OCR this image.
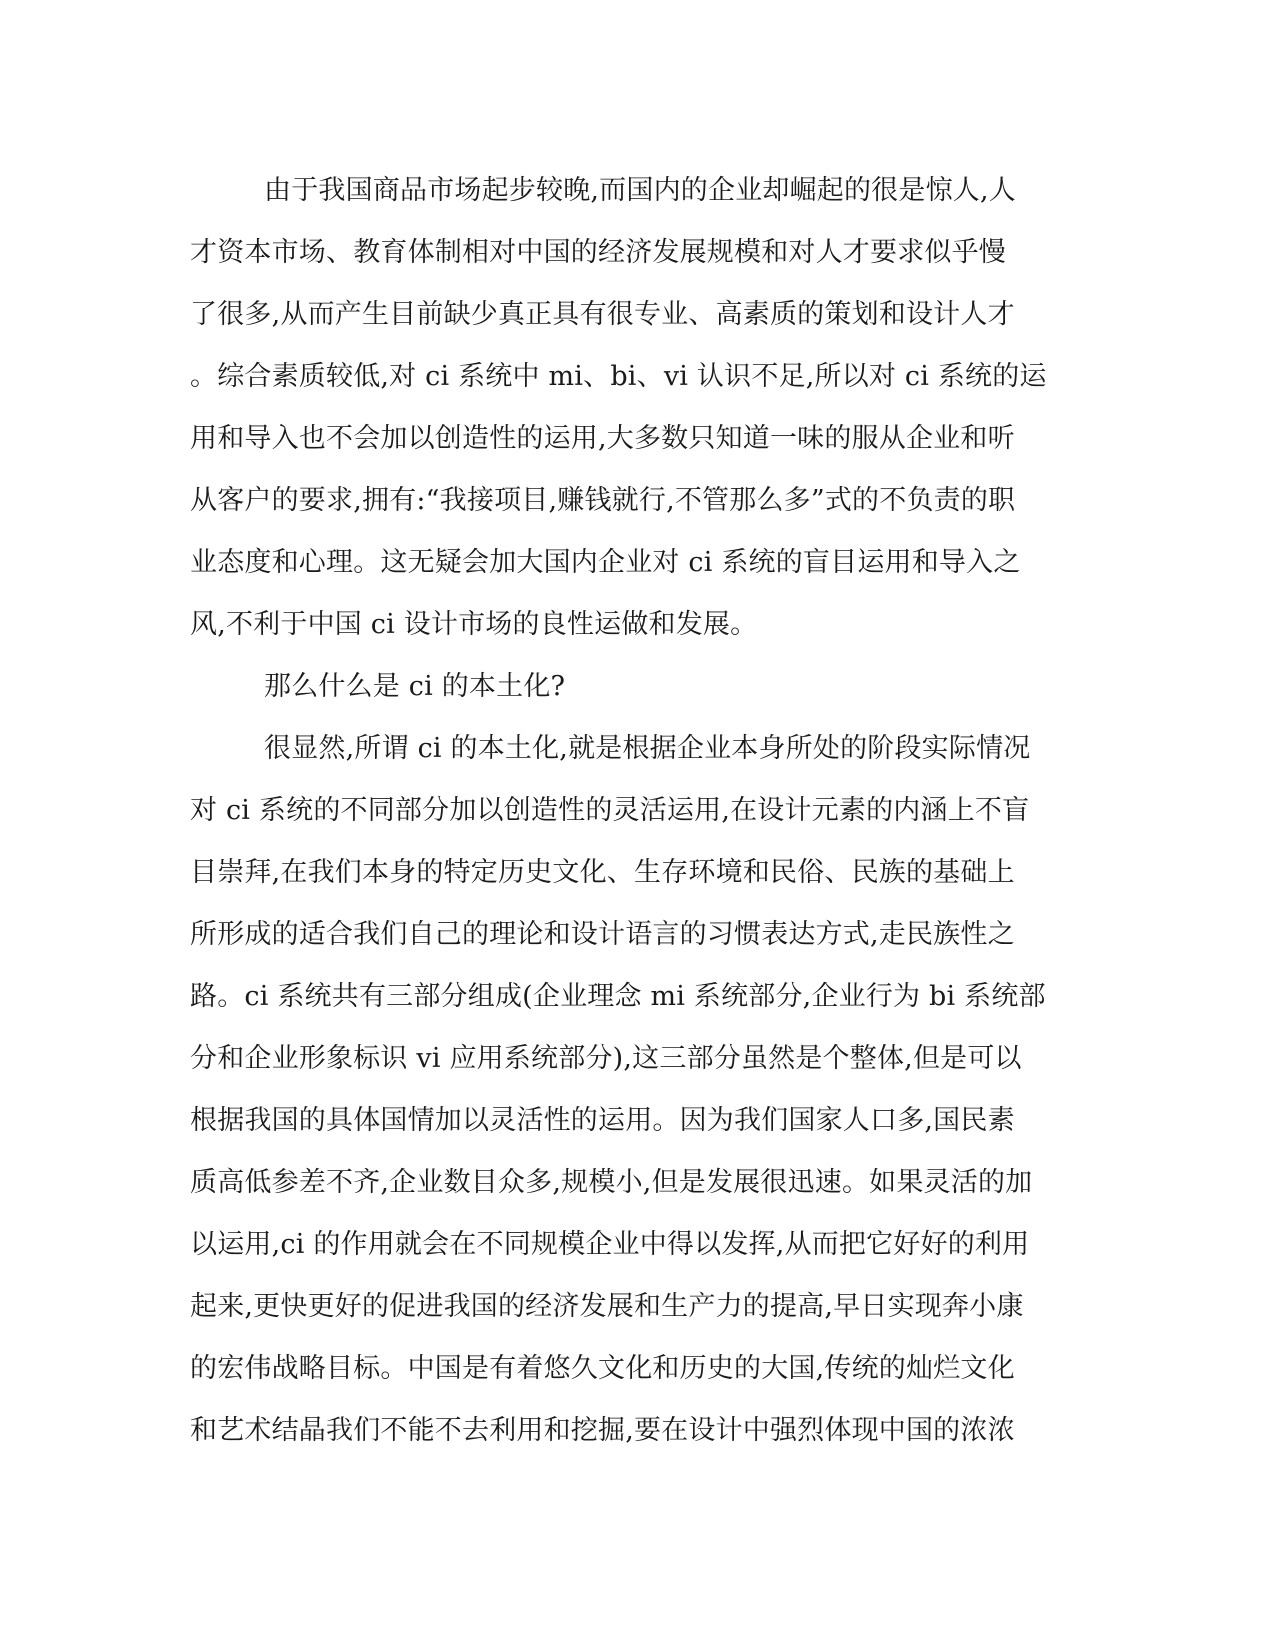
由于我国商品市场起步较晚,而国内的企业却崛起的很是惊人,人
才资本市场、教育体制相对中国的经济发展规模和对人才要求似乎慢
了很多,从而产生目前缺少真正具有很专业、高素质的策划和设计人才
。综合素质较低,对 ci 系统中 mi、bi、vi 认识不足,所以对 ci 系统的运
用和导入也不会加以创造性的运用,大多数只知道一味的服从企业和听
从客户的要求,拥有:“我接项目,赚钱就行,不管那么多”式的不负责的职
业态度和心理。这无疑会加大国内企业对 ci 系统的盲目运用和导入之
风,不利于中国 ci 设计市场的良性运做和发展。
那么什么是 ci 的本土化?
很显然,所谓 ci 的本土化,就是根据企业本身所处的阶段实际情况
对 ci 系统的不同部分加以创造性的灵活运用,在设计元素的内涵上不盲
目崇拜,在我们本身的特定历史文化、生存环境和民俗、民族的基础上
所形成的适合我们自己的理论和设计语言的习惯表达方式,走民族性之
路。ci 系统共有三部分组成(企业理念 mi 系统部分,企业行为 bi 系统部
分和企业形象标识 vi 应用系统部分),这三部分虽然是个整体,但是可以
根据我国的具体国情加以灵活性的运用。因为我们国家人口多,国民素
质高低参差不齐,企业数目众多,规模小,但是发展很迅速。如果灵活的加
以运用,ci 的作用就会在不同规模企业中得以发挥,从而把它好好的利用
起来,更快更好的促进我国的经济发展和生产力的提高,早日实现奔小康
的宏伟战略目标。中国是有着悠久文化和历史的大国,传统的灿烂文化
和艺术结晶我们不能不去利用和挖掘,要在设计中强烈体现中国的浓浓
